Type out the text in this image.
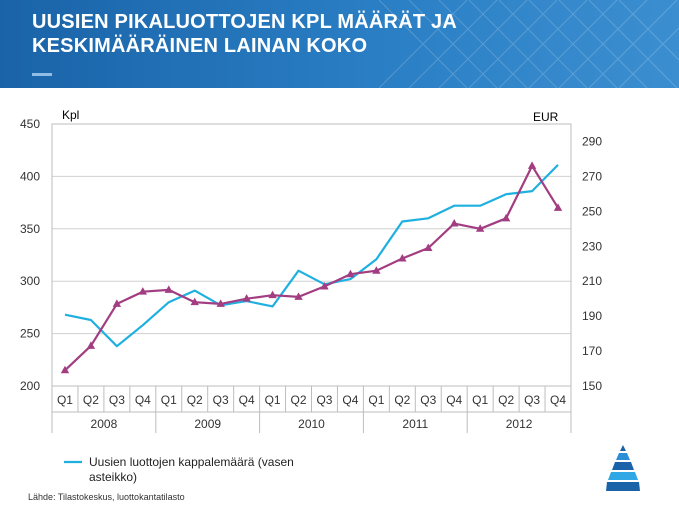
UUSIEN PIKALUOTTOJEN KPL MÄÄRÄT JA
KESKIMÄÄRÄINEN LAINAN KOKO
200
250
300
350
400
450
150
170
190
210
230
250
270
290
Kpl	EUR
Q1 Q2 Q3 Q4 Q1 Q2 Q3 Q4 Q1 Q2 Q3 Q4 Q1 Q2 Q3 Q4 Q1 Q2 Q3 Q4
2008	2009	2010	2011	2012
Uusien luottojen kappalemäärä (vasen
asteikko)
Lähde: Tilastokeskus, luottokantatilasto
